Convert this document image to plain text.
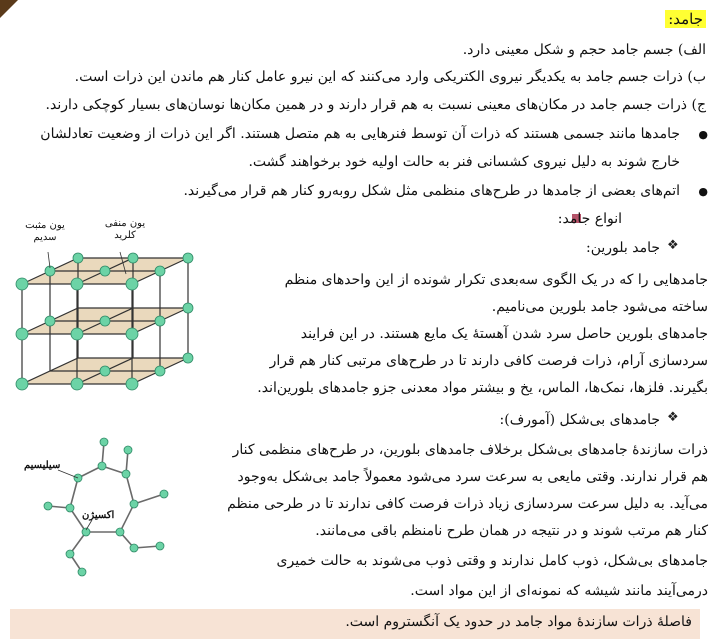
جامد:
الف) جسم جامد حجم و شکل معینی دارد.
ب) ذرات جسم جامد به یکدیگر نیروی الکتریکی وارد می‌کنند که این نیرو عامل کنار هم ماندن این ذرات است.
ج) ذرات جسم جامد در مکان‌های معینی نسبت به هم قرار دارند و در همین مکان‌ها نوسان‌های بسیار کوچکی دارند.
●
جامدها مانند جسمی هستند که ذرات آن توسط فنرهایی به هم متصل هستند. اگر این ذرات از وضعیت تعادلشان
خارج شوند به دلیل نیروی کشسانی فنر به حالت اولیه خود برخواهند گشت.
●
اتم‌های بعضی از جامدها در طرح‌های منظمی مثل شکل روبه‌رو کنار هم قرار می‌گیرند.
انواع جامد:
❖
جامد بلورین:
جامدهایی را که در یک الگوی سه‌بعدی تکرار شونده از این واحدهای منظم
ساخته می‌شود جامد بلورین می‌نامیم.
جامدهای بلورین حاصل سرد شدن آهستهٔ یک مایع هستند. در این فرایند
سردسازی آرام، ذرات فرصت کافی دارند تا در طرح‌های مرتبی کنار هم قرار
بگیرند. فلزها، نمک‌ها، الماس، یخ و بیشتر مواد معدنی جزو جامدهای بلورین‌اند.
❖
جامدهای بی‌شکل (آمورف):
ذرات سازندهٔ جامدهای بی‌شکل برخلاف جامدهای بلورین، در طرح‌های منظمی کنار
هم قرار ندارند. وقتی مایعی به سرعت سرد می‌شود معمولاً جامد بی‌شکل به‌وجود
می‌آید. به دلیل سرعت سردسازی زیاد ذرات فرصت کافی ندارند تا در طرحی منظم
کنار هم مرتب شوند و در نتیجه در همان طرح نامنظم باقی می‌مانند.
جامدهای بی‌شکل، ذوب کامل ندارند و وقتی ذوب می‌شوند به حالت خمیری
درمی‌آیند مانند شیشه که نمونه‌ای از این مواد است.
یون مثبت
سدیم
یون منفی
کلرید
سیلیسیم
اکسیژن
فاصلهٔ ذرات سازندهٔ مواد جامد در حدود یک آنگستروم است.
